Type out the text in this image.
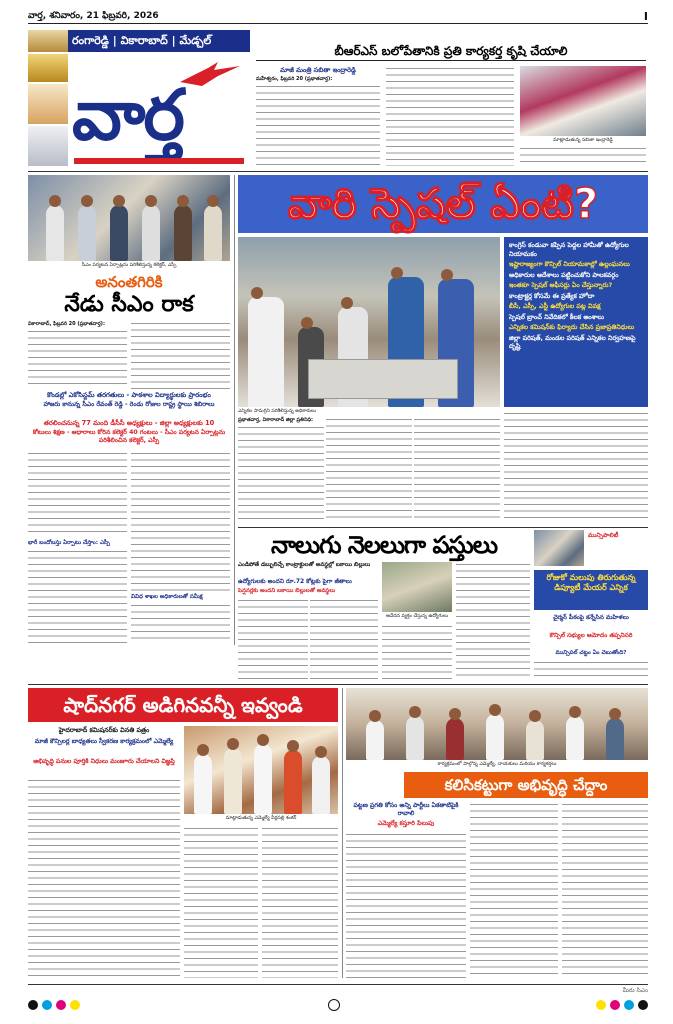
వార్త, శనివారం, 21 ఫిబ్రవరి, 2026	I
రంగారెడ్డి | వికారాబాద్ | మేడ్చల్
వార్త
బీఆర్ఎస్ బలోపేతానికి ప్రతి కార్యకర్త కృషి చేయాలి
మాజీ మంత్రి సబితా ఇంద్రారెడ్డి
మహేశ్వరం, ఫిబ్రవరి 20 (ప్రభాతవార్త):
మాట్లాడుతున్న సబితా ఇంద్రారెడ్డి
సీఎం పర్యటన ఏర్పాట్లను పరిశీలిస్తున్న కలెక్టర్, ఎస్పీ
అనంతగిరికి
నేడు సీఎం రాక
వికారాబాద్, ఫిబ్రవరి 20 (ప్రభాతవార్త):
కొండల్లో ఎకోసిస్టమ్ తరగతులు - పాఠశాల విద్యార్థులకు ప్రారంభం
హాజరు కానున్న సీఎం రేవంత్ రెడ్డి - రెండు రోజుల రాష్ట్ర స్థాయి శిబిరాలు
తరలించనున్న 77 మంది డీసీసీ అధ్యక్షులు - జిల్లా అధ్యక్షులకు 10
కోటులు శిక్షణ - ఆధారాలు కోరిన కలెక్టర్ 40 గంటలు - సీఎం పర్యటన ఏర్పాట్లను పరిశీలించిన కలెక్టర్, ఎస్పీ
భారీ బందోబస్తు ఏర్పాటు చేస్తాం: ఎస్పీ
వివిధ శాఖల అధికారులతో సమీక్ష
వారి స్పెషల్ ఏంటి?
ఎన్నికల సామగ్రిని పరిశీలిస్తున్న అధికారులు
ప్రభాతవార్త, వికారాబాద్ జిల్లా ప్రతినిధి:
కాంగ్రెస్ కండువా కప్పిన పెద్దల హామీతో ఉద్యోగుల నియామకం
ఇష్టారాజ్యంగా కౌన్సిల్ నియామకాల్లో ఉల్లంఘనలు
అధికారుల ఆదేశాలు పట్టించుకోని పాలకవర్గం
ఇంతకూ స్పెషల్ ఆఫీసర్లు ఏం చేస్తున్నారు?
కాంట్రాక్టర్ల కోసమే ఈ ప్రత్యేక హోదా
బీసీ, ఎస్సీ, ఎస్టీ ఉద్యోగుల పట్ల వివక్ష
స్పెషల్ బ్రాంచ్ నివేదికలో కీలక అంశాలు
ఎన్నికల కమిషన్‌కు ఫిర్యాదు చేసిన ప్రజాప్రతినిధులు
జిల్లా పరిషత్, మండల పరిషత్ ఎన్నికల నిర్వహణపై దృష్టి
నాలుగు నెలలుగా పస్తులు
ఎండిపోతే డబ్బులిచ్చే కాంట్రాక్టులతో అవస్థల్లో బకాయి బిల్లులు
ఉద్యోగులకు అందని రూ.72 కోట్లకు పైగా జీతాలు
పెన్షనర్లకు అందని బకాయి బిల్లులతో అవస్థలు
ఆవేదన వ్యక్తం చేస్తున్న ఉద్యోగులు
మున్సిపాలిటీ
రోజుకో మలుపు తిరుగుతున్న డిప్యూటీ మేయర్ ఎన్నిక
చైర్మన్ పీఠంపై కన్నేసిన మహిళలు
కౌన్సిల్ సభ్యుల ఆమోదం తప్పనిసరి
మున్సిపల్ చట్టం ఏం చెబుతోంది?
షాద్‌నగర్ అడిగినవన్నీ ఇవ్వండి
హైదరాబాద్ కమిషనర్‌కు వినతి పత్రం
మాజీ కౌన్సిలర్ల బాధ్యతలు స్వీకరణ కార్యక్రమంలో ఎమ్మెల్యే
అభివృద్ధి పనుల పూర్తికి నిధులు మంజూరు చేయాలని విజ్ఞప్తి
మాట్లాడుతున్న ఎమ్మెల్యే వీర్లపల్లి శంకర్
కార్యక్రమంలో పాల్గొన్న ఎమ్మెల్యే, నాయకులు మరియు కార్యకర్తలు
కలిసికట్టుగా అభివృద్ధి చేద్దాం
పట్టణ ప్రగతి కోసం అన్ని పార్టీలు ఏకతాటిపైకి రావాలి
ఎమ్మెల్యే కస్తూరి పిలుపు
మీరు సిఎం
